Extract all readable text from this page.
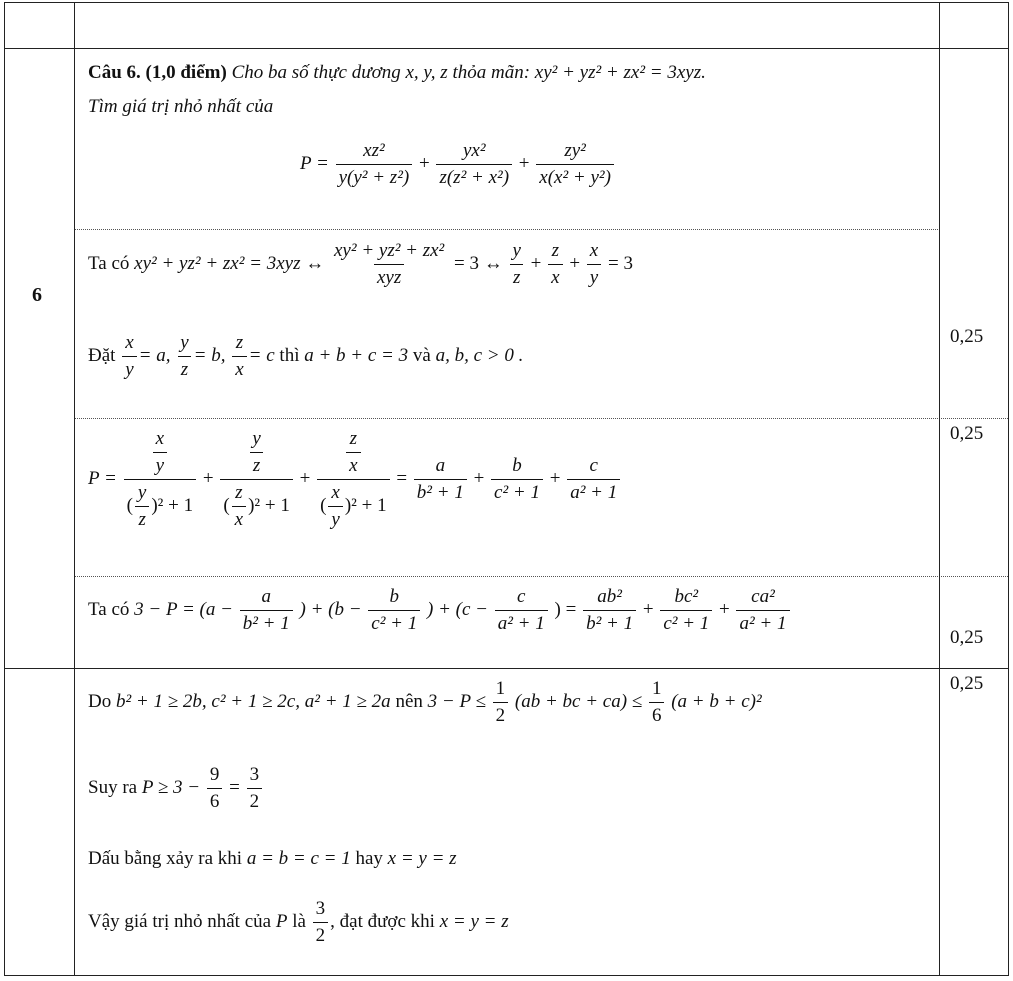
6
Câu 6. (1,0 điểm) Cho ba số thực dương x, y, z thỏa mãn: xy² + yz² + zx² = 3xyz.
Tìm giá trị nhỏ nhất của
$P = \frac{\text{xz²}}{\text{y(y² + z²)}} + \frac{\text{yx²}}{\text{z(z² + x²)}} + \frac{\text{zy²}}{\text{x(x² + y²)}}$
Ta có xy² + yz² + zx² = 3xyz ↔ $\frac{\text{xy² + yz² + zx²}}{\text{xyz}} = 3$ ↔ $\frac{y}{z} + \frac{z}{x} + \frac{x}{y} = 3$
Đặt $\frac{x}{y} = a$, $\frac{y}{z} = b$, $\frac{z}{x} = c$ thì a + b + c = 3 và a, b, c > 0 .
0,25
$P = \frac{\frac{x}{y}}{( \frac{y}{z} )^2 + 1} + \frac{\frac{y}{z}}{( \frac{z}{x} )^2 + 1} + \frac{\frac{z}{x}}{( \frac{x}{y} )^2 + 1} = \frac{a}{\text{b² + 1}} + \frac{b}{\text{c² + 1}} + \frac{c}{\text{a² + 1}}$
0,25
Ta có $3 - P = (a - \frac{a}{\text{b² + 1}}$ ) + ($b - \frac{b}{\text{c² + 1}}$ ) + ($c - \frac{c}{\text{a² + 1}}$ ) = $\frac{\text{ab²}}{\text{b² + 1}} + \frac{\text{bc²}}{\text{c² + 1}} + \frac{\text{ca²}}{\text{a² + 1}}$
0,25
Do b² + 1 ≥ 2b, c² + 1 ≥ 2c, a² + 1 ≥ 2a nên $3 - P \le \frac{1}{2} (ab$ + bc + $ca) \le \frac{1}{6} (a + b + c)^2$
0,25
Suy ra $P \ge 3 - \frac{9}{6} = \frac{3}{2}$
Dấu bằng xảy ra khi a = b = c = 1 hay x = y = z
Vậy giá trị nhỏ nhất của P là $\frac{3}{2}$ , đạt được khi x = y = z
